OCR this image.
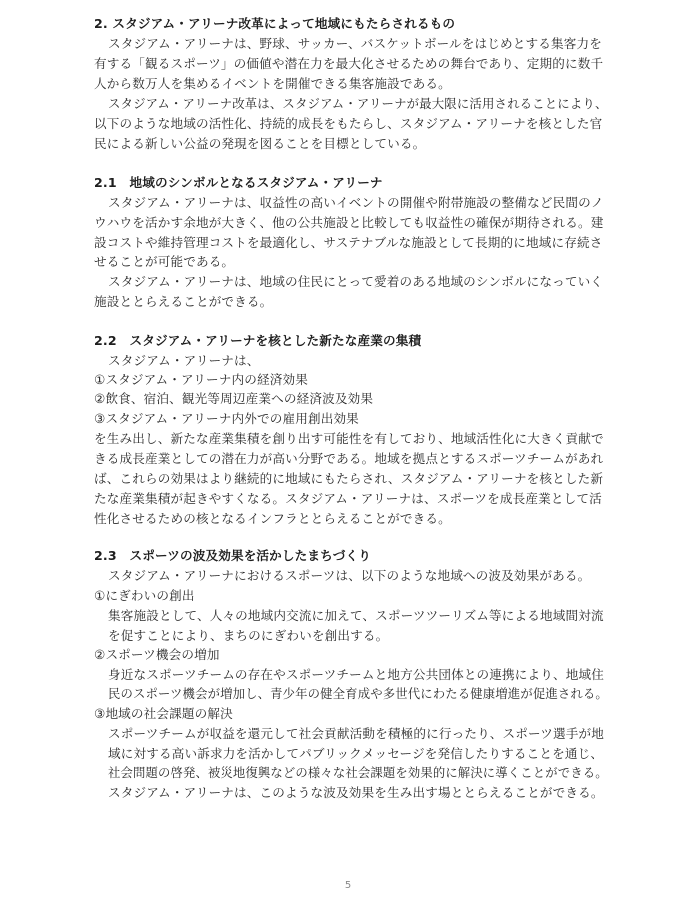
2. スタジアム・アリーナ改革によって地域にもたらされるもの
スタジアム・アリーナは、野球、サッカー、バスケットボールをはじめとする集客力を
有する「観るスポーツ」の価値や潜在力を最大化させるための舞台であり、定期的に数千
人から数万人を集めるイベントを開催できる集客施設である。
スタジアム・アリーナ改革は、スタジアム・アリーナが最大限に活用されることにより、
以下のような地域の活性化、持続的成長をもたらし、スタジアム・アリーナを核とした官
民による新しい公益の発現を図ることを目標としている。
2.1　地域のシンボルとなるスタジアム・アリーナ
スタジアム・アリーナは、収益性の高いイベントの開催や附帯施設の整備など民間のノ
ウハウを活かす余地が大きく、他の公共施設と比較しても収益性の確保が期待される。建
設コストや維持管理コストを最適化し、サステナブルな施設として長期的に地域に存続さ
せることが可能である。
スタジアム・アリーナは、地域の住民にとって愛着のある地域のシンボルになっていく
施設ととらえることができる。
2.2　スタジアム・アリーナを核とした新たな産業の集積
スタジアム・アリーナは、
①スタジアム・アリーナ内の経済効果
②飲食、宿泊、観光等周辺産業への経済波及効果
③スタジアム・アリーナ内外での雇用創出効果
を生み出し、新たな産業集積を創り出す可能性を有しており、地域活性化に大きく貢献で
きる成長産業としての潜在力が高い分野である。地域を拠点とするスポーツチームがあれ
ば、これらの効果はより継続的に地域にもたらされ、スタジアム・アリーナを核とした新
たな産業集積が起きやすくなる。スタジアム・アリーナは、スポーツを成長産業として活
性化させるための核となるインフラととらえることができる。
2.3　スポーツの波及効果を活かしたまちづくり
スタジアム・アリーナにおけるスポーツは、以下のような地域への波及効果がある。
①にぎわいの創出
集客施設として、人々の地域内交流に加えて、スポーツツーリズム等による地域間対流
を促すことにより、まちのにぎわいを創出する。
②スポーツ機会の増加
身近なスポーツチームの存在やスポーツチームと地方公共団体との連携により、地域住
民のスポーツ機会が増加し、青少年の健全育成や多世代にわたる健康増進が促進される。
③地域の社会課題の解決
スポーツチームが収益を還元して社会貢献活動を積極的に行ったり、スポーツ選手が地
域に対する高い訴求力を活かしてパブリックメッセージを発信したりすることを通じ、
社会問題の啓発、被災地復興などの様々な社会課題を効果的に解決に導くことができる。
スタジアム・アリーナは、このような波及効果を生み出す場ととらえることができる。
5
